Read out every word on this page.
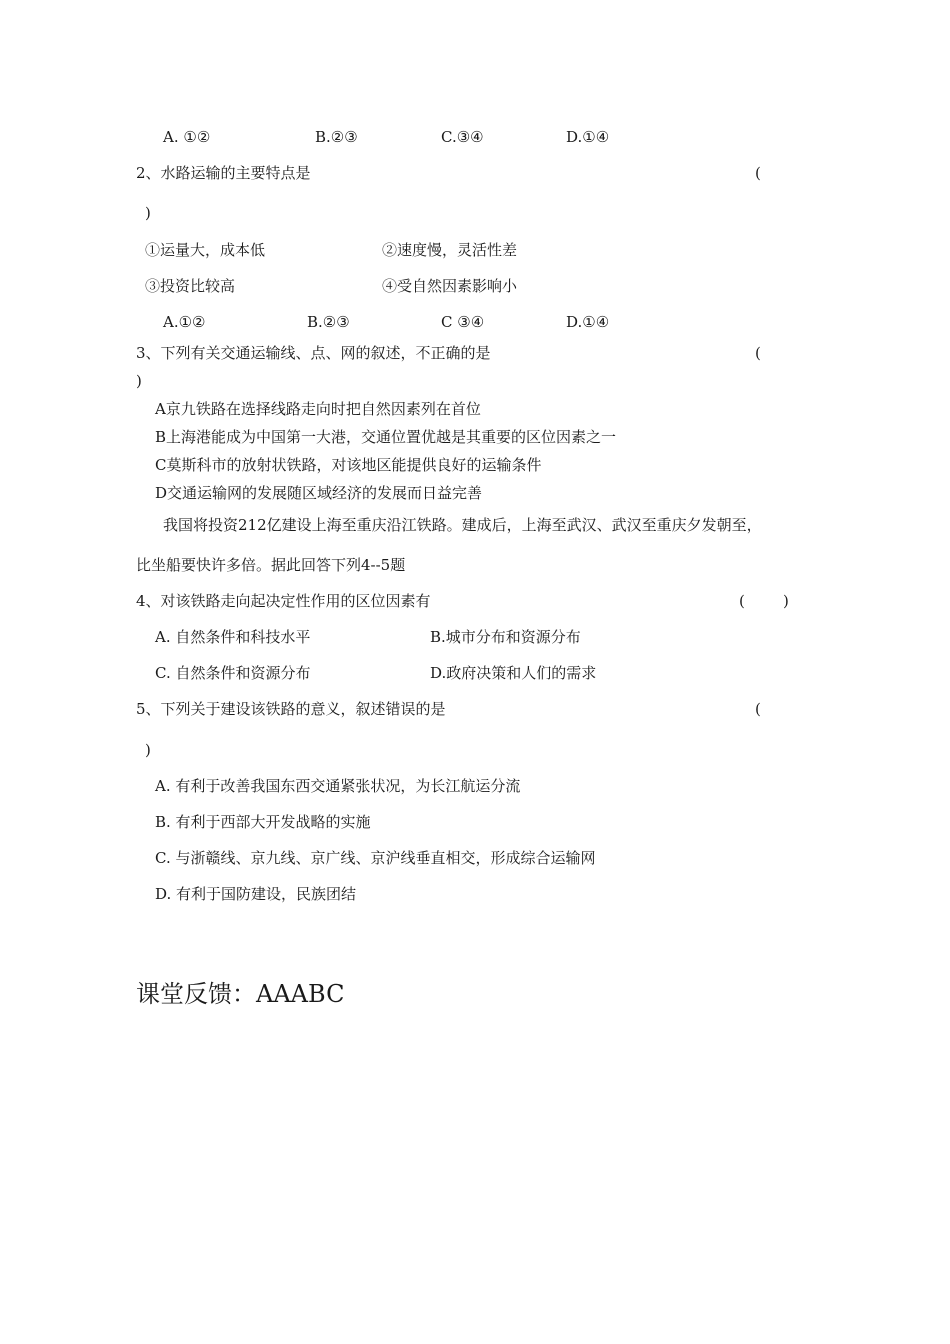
A. ①②	B.②③	C.③④	D.①④
2、水路运输的主要特点是	(
)
①运量大，成本低	②速度慢，灵活性差
③投资比较高	④受自然因素影响小
A.①②	B.②③	C ③④	D.①④
3、下列有关交通运输线、点、网的叙述，不正确的是	(
)
A京九铁路在选择线路走向时把自然因素列在首位
B上海港能成为中国第一大港，交通位置优越是其重要的区位因素之一
C莫斯科市的放射状铁路，对该地区能提供良好的运输条件
D交通运输网的发展随区域经济的发展而日益完善
我国将投资212亿建设上海至重庆沿江铁路。建成后，上海至武汉、武汉至重庆夕发朝至，
比坐船要快许多倍。据此回答下列4--5题
4、对该铁路走向起决定性作用的区位因素有	(        )
A. 自然条件和科技水平	B.城市分布和资源分布
C. 自然条件和资源分布	D.政府决策和人们的需求
5、下列关于建设该铁路的意义，叙述错误的是	(
)
A. 有利于改善我国东西交通紧张状况，为长江航运分流
B. 有利于西部大开发战略的实施
C. 与浙赣线、京九线、京广线、京沪线垂直相交，形成综合运输网
D. 有利于国防建设，民族团结
课堂反馈：AAABC
